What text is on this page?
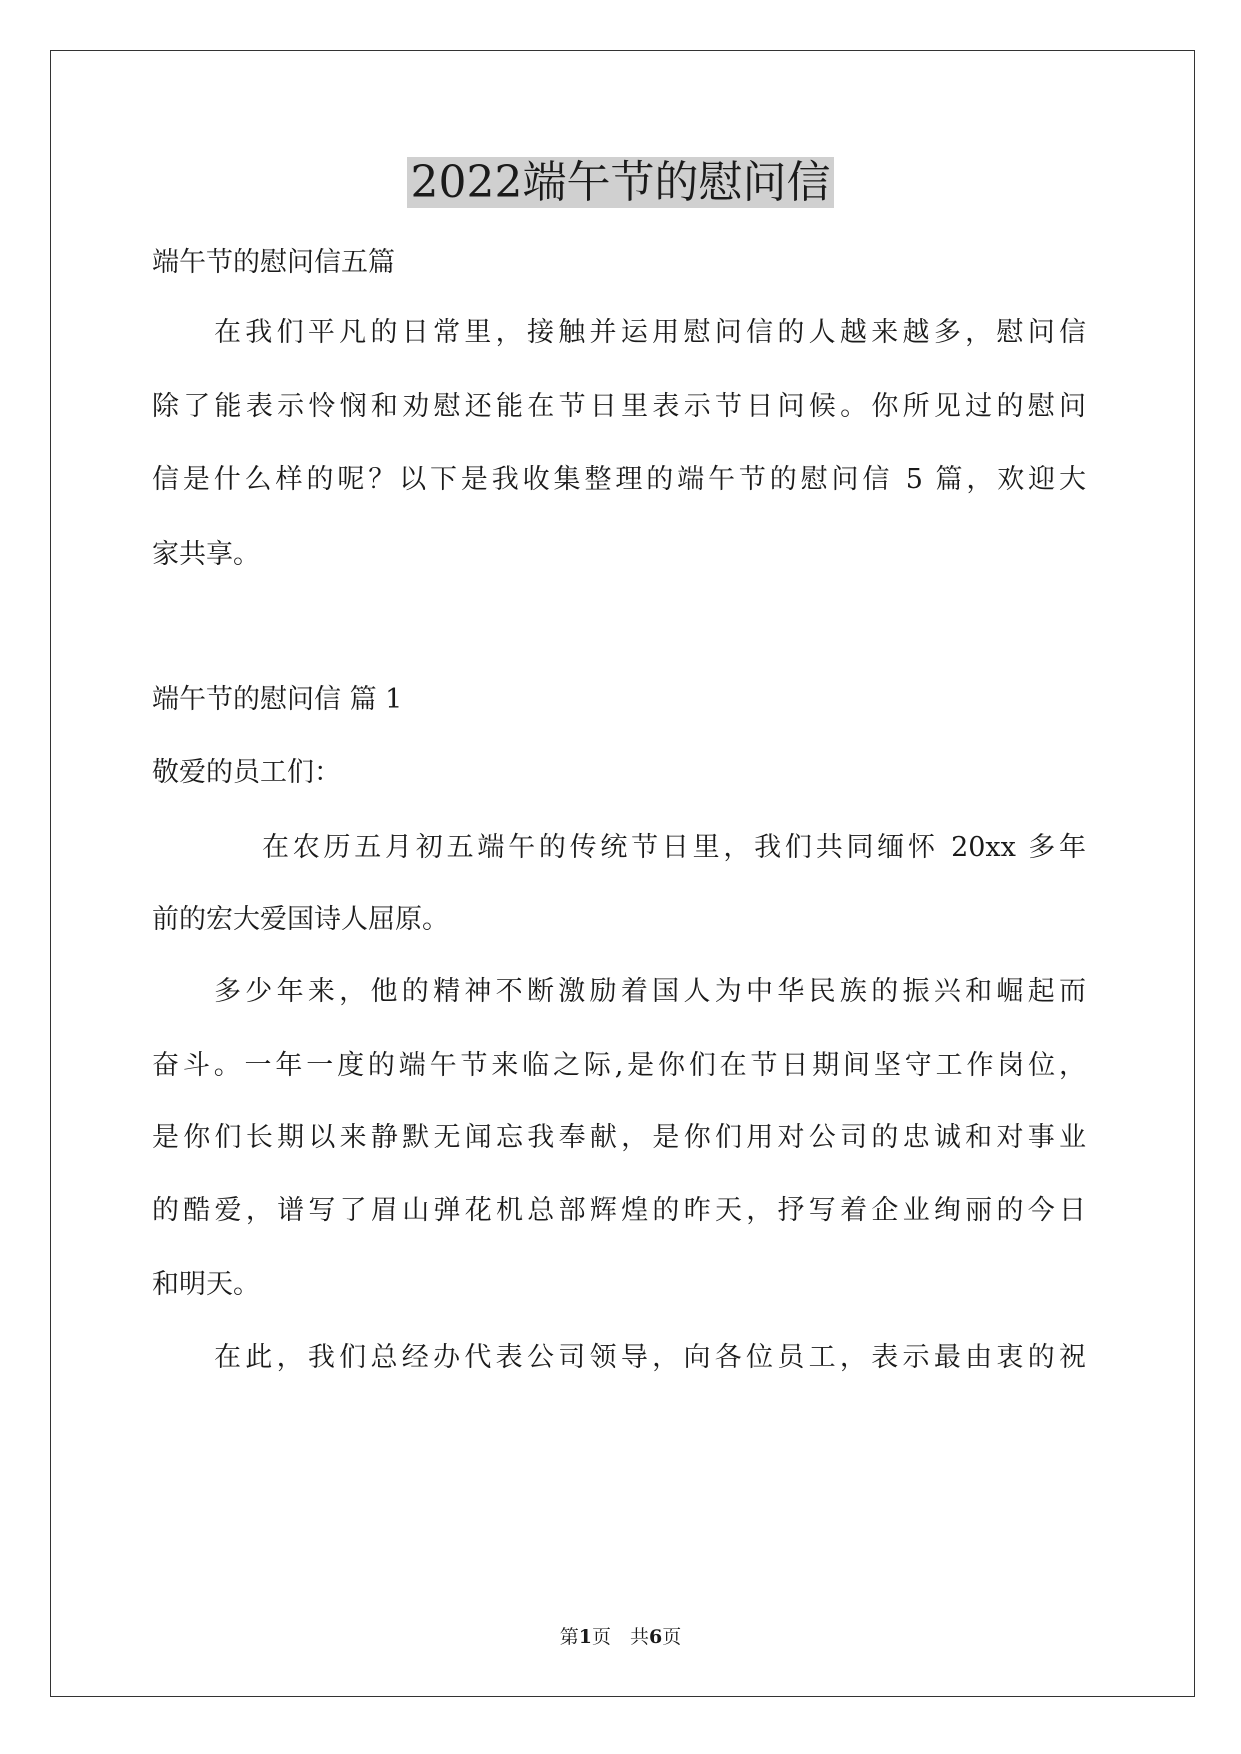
2022端午节的慰问信
端午节的慰问信五篇
在我们平凡的日常里，接触并运用慰问信的人越来越多，慰问信
除了能表示怜悯和劝慰还能在节日里表示节日问候。你所见过的慰问
信是什么样的呢？以下是我收集整理的端午节的慰问信 5 篇，欢迎大
家共享。
端午节的慰问信 篇 1
敬爱的员工们：
在农历五月初五端午的传统节日里，我们共同缅怀 20xx 多年
前的宏大爱国诗人屈原。
多少年来，他的精神不断激励着国人为中华民族的振兴和崛起而
奋斗。一年一度的端午节来临之际,是你们在节日期间坚守工作岗位，
是你们长期以来静默无闻忘我奉献，是你们用对公司的忠诚和对事业
的酷爱，谱写了眉山弹花机总部辉煌的昨天，抒写着企业绚丽的今日
和明天。
在此，我们总经办代表公司领导，向各位员工，表示最由衷的祝
第1页　共6页
